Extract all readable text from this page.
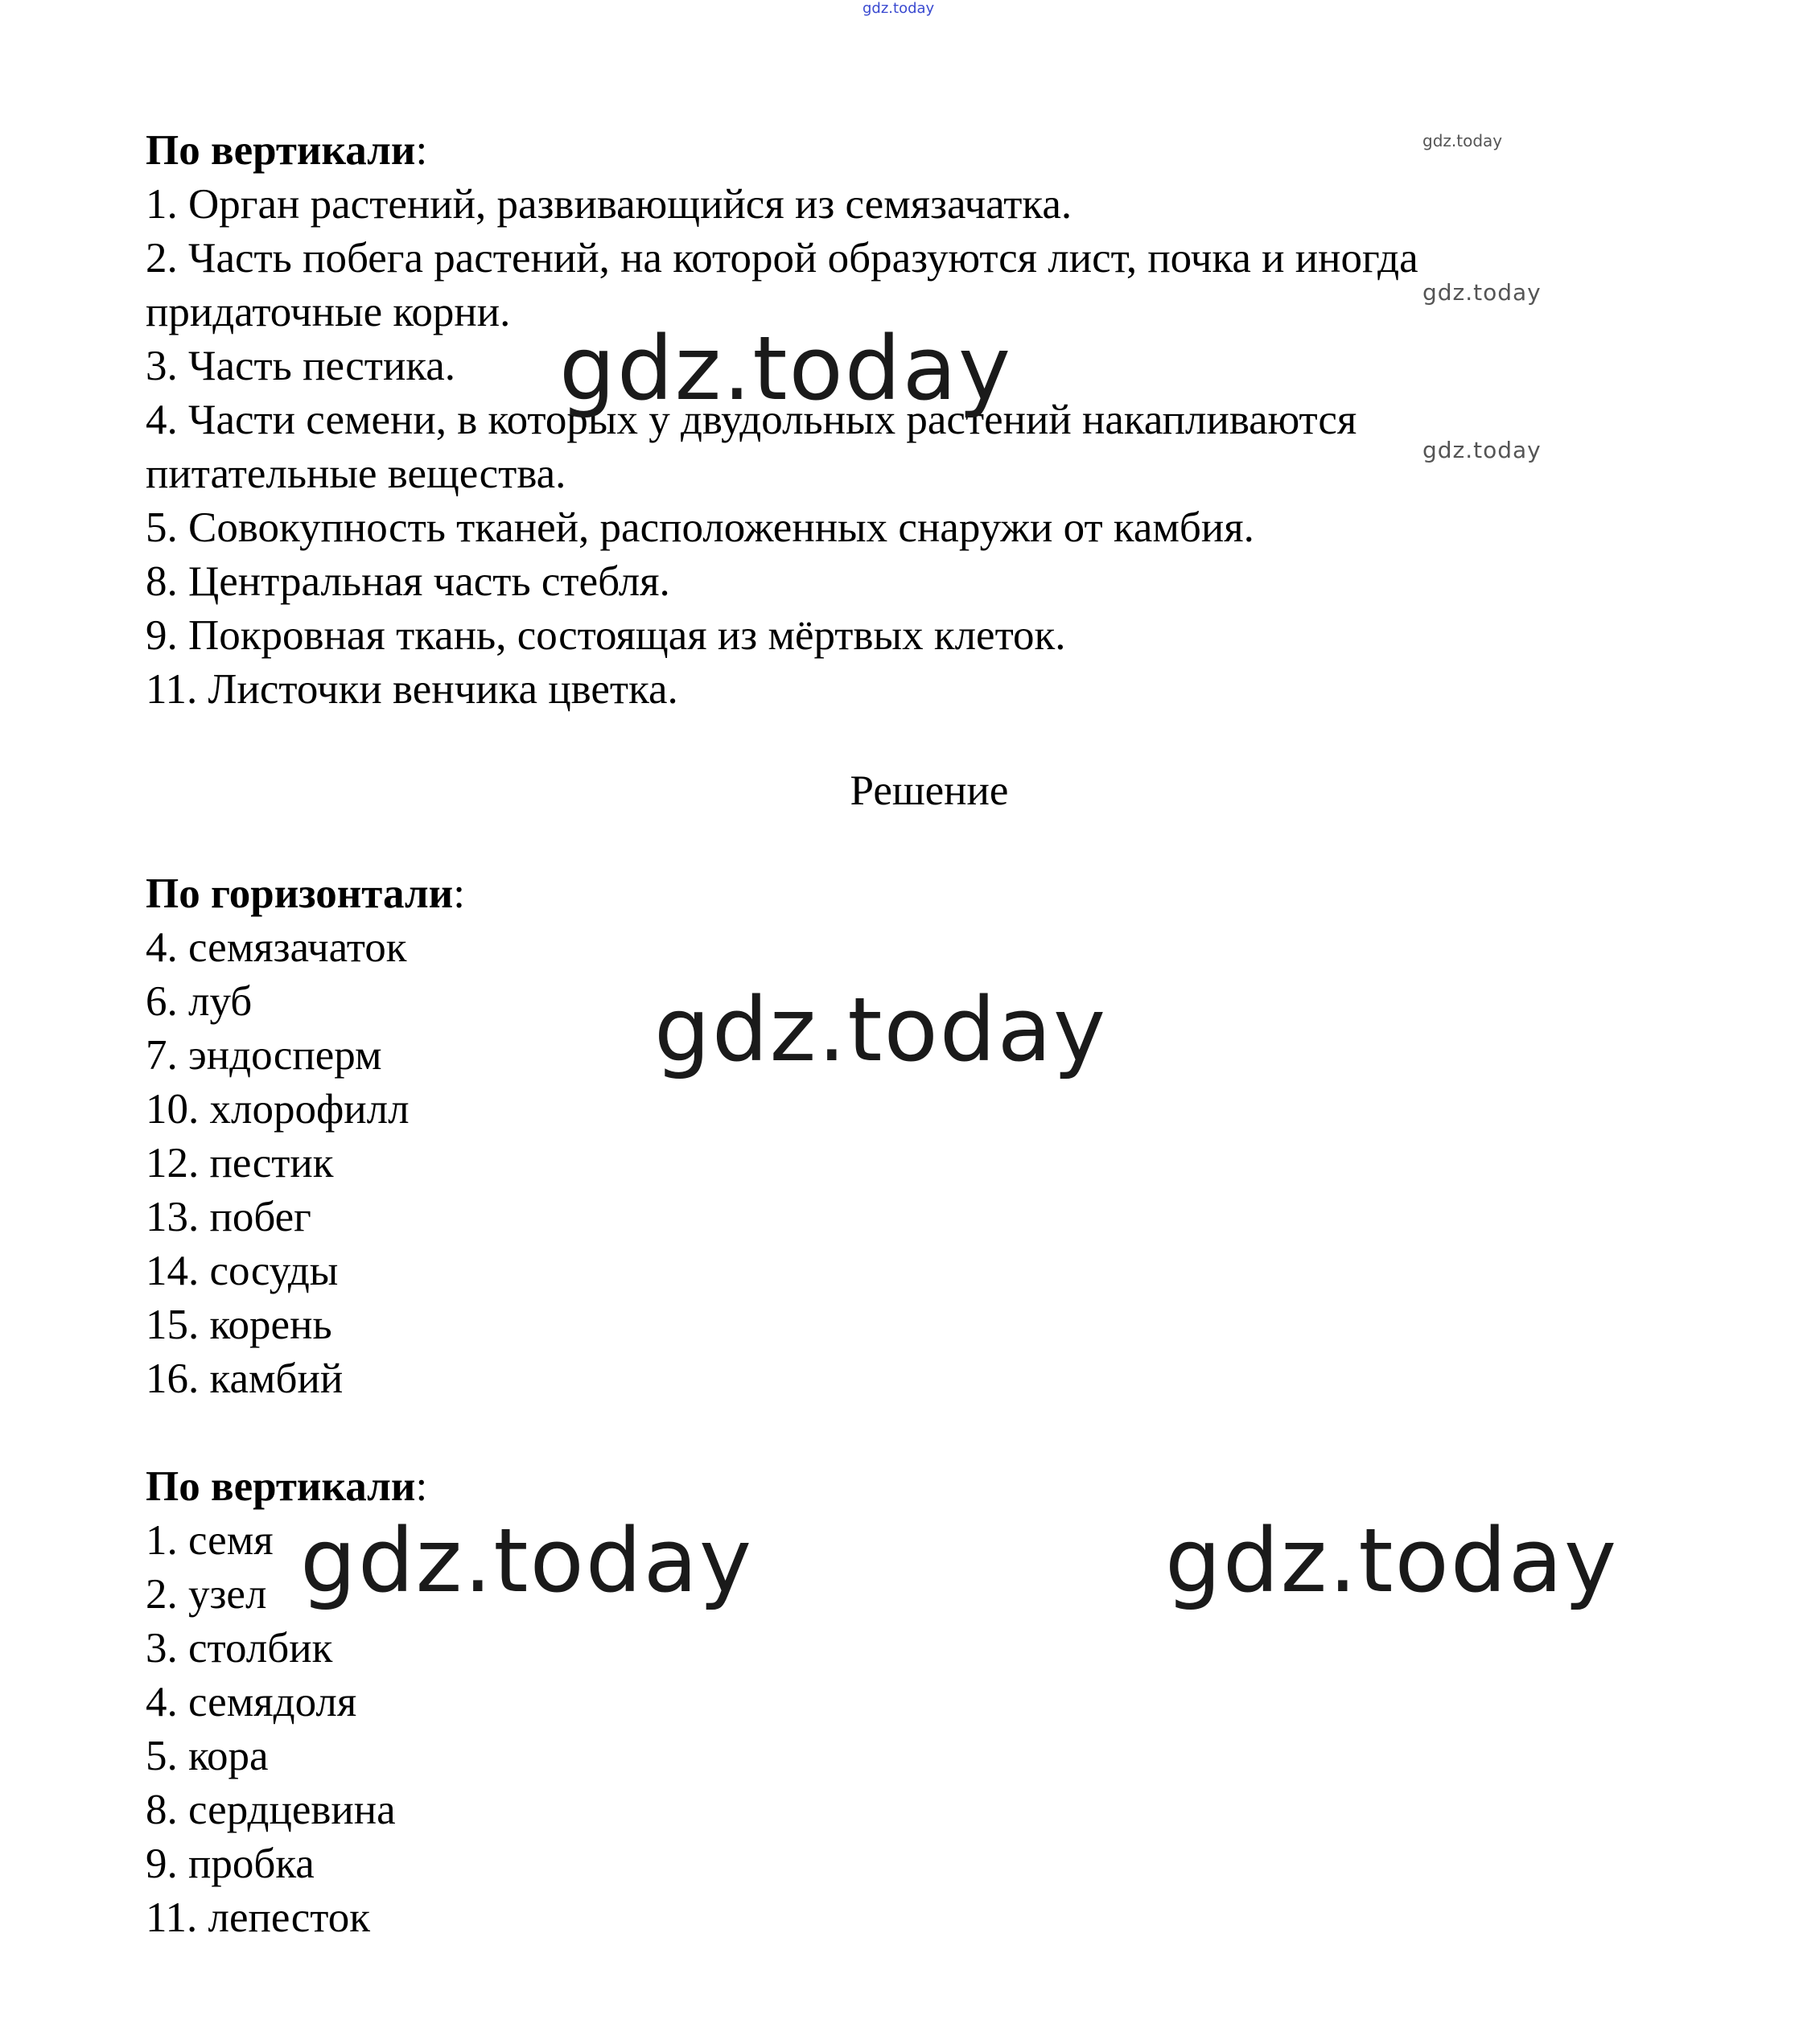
gdz.today
По вертикали:
1. Орган растений, развивающийся из семязачатка.
2. Часть побега растений, на которой образуются лист, почка и иногда
придаточные корни.
3. Часть пестика.
4. Части семени, в которых у двудольных растений накапливаются
питательные вещества.
5. Совокупность тканей, расположенных снаружи от камбия.
8. Центральная часть стебля.
9. Покровная ткань, состоящая из мёртвых клеток.
11. Листочки венчика цветка.
Решение
По горизонтали:
4. семязачаток
6. луб
7. эндосперм
10. хлорофилл
12. пестик
13. побег
14. сосуды
15. корень
16. камбий
По вертикали:
1. семя
2. узел
3. столбик
4. семядоля
5. кора
8. сердцевина
9. пробка
11. лепесток
gdz.today
gdz.today
gdz.today
gdz.today
gdz.today
gdz.today	gdz.today
